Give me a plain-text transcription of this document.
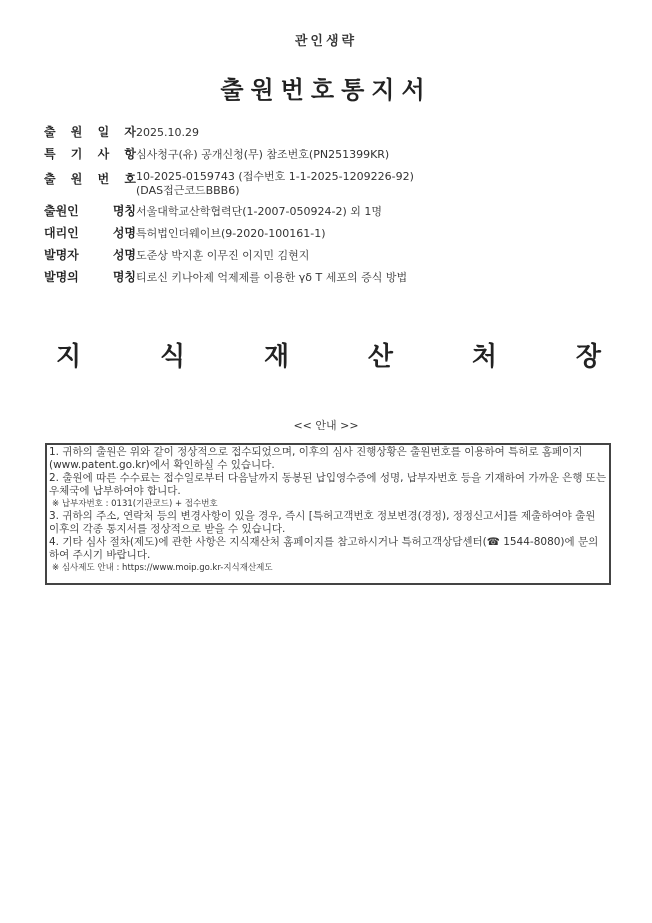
관인생략
출원번호통지서
출 원 일 자 2025.10.29
특 기 사 항 심사청구(유) 공개신청(무) 참조번호(PN251399KR)
출 원 번 호 10-2025-0159743 (접수번호 1-1-2025-1209226-92)
(DAS접근코드BBB6)
출원인 명칭 서울대학교산학협력단(1-2007-050924-2) 외 1명
대리인 성명 특허법인더웨이브(9-2020-100161-1)
발명자 성명 도준상 박지훈 이무진 이지민 김현지
발명의 명칭 티로신 키나아제 억제제를 이용한 γδ T 세포의 증식 방법
지	식	재	산	처	장
<< 안내 >>
1. 귀하의 출원은 위와 같이 정상적으로 접수되었으며, 이후의 심사 진행상황은 출원번호를 이용하여 특허로 홈페이지(www.patent.go.kr)에서 확인하실 수 있습니다.
2. 출원에 따른 수수료는 접수일로부터 다음날까지 동봉된 납입영수증에 성명, 납부자번호 등을 기재하여 가까운 은행 또는 우체국에 납부하여야 합니다.
※ 납부자번호 : 0131(기관코드) + 접수번호
3. 귀하의 주소, 연락처 등의 변경사항이 있을 경우, 즉시 [특허고객번호 정보변경(경정), 정정신고서]를 제출하여야 출원 이후의 각종 통지서를 정상적으로 받을 수 있습니다.
4. 기타 심사 절차(제도)에 관한 사항은 지식재산처 홈페이지를 참고하시거나 특허고객상담센터(☎ 1544-8080)에 문의하여 주시기 바랍니다.
※ 심사제도 안내 : https://www.moip.go.kr-지식재산제도
